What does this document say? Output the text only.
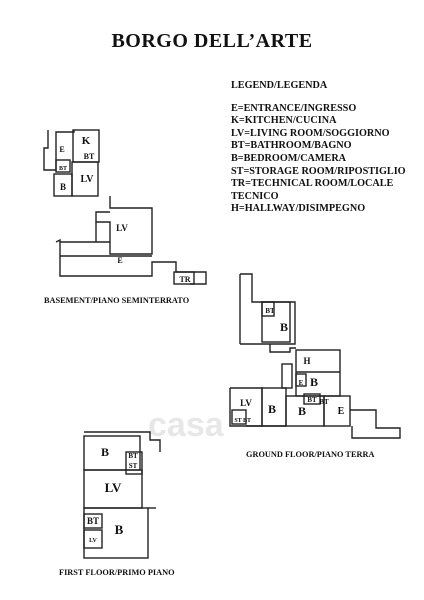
BORGO DELL’ARTE
LEGEND/LEGENDA
E=ENTRANCE/INGRESSO
K=KITCHEN/CUCINA
LV=LIVING ROOM/SOGGIORNO
BT=BATHROOM/BAGNO
B=BEDROOM/CAMERA
ST=STORAGE ROOM/RIPOSTIGLIO
TR=TECHNICAL ROOM/LOCALE
TECNICO
H=HALLWAY/DISIMPEGNO
casa
E
K
BT
BT
LV
B
LV
E
TR
BT
B
H
E B
BT
LV B	BT
B	E
ST BT
B	BT
ST
LV
BT
B
LV
BASEMENT/PIANO SEMINTERRATO
GROUND FLOOR/PIANO TERRA
FIRST FLOOR/PRIMO PIANO
